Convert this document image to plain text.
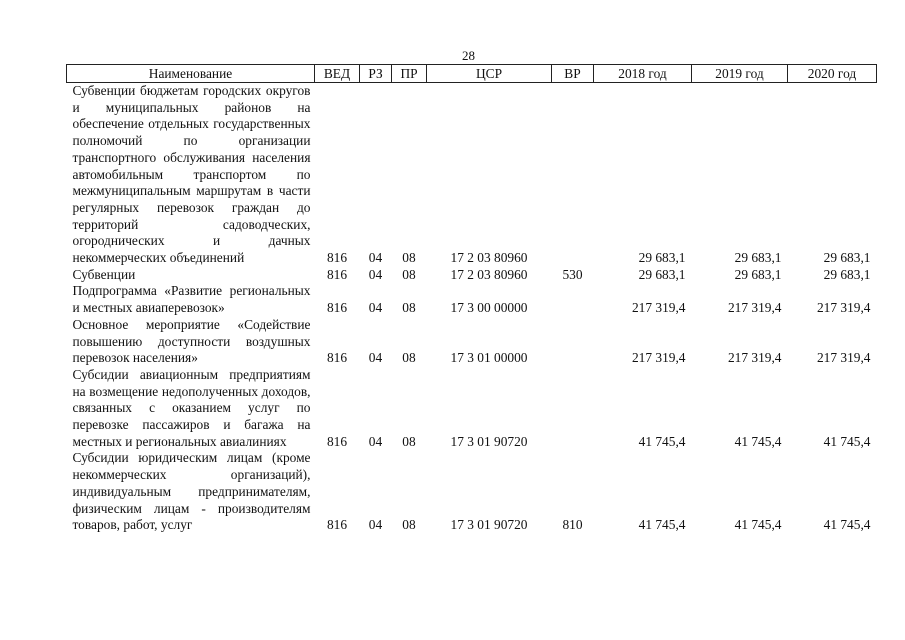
28
Наименование	ВЕД	РЗ	ПР	ЦСР	ВР	2018 год	2019 год	2020 год
Субвенции бюджетам городских округов и муниципальных районов на обеспечение отдельных государственных полномочий по организации транспортного обслуживания населения автомобильным транспортом по межмуниципальным маршрутам в части регулярных перевозок граждан до территорий садоводческих, огороднических и дачных некоммерческих объединений	816	04	08	17 2 03 80960		29 683,1	29 683,1	29 683,1
Субвенции	816	04	08	17 2 03 80960	530	29 683,1	29 683,1	29 683,1
Подпрограмма «Развитие региональных и местных авиаперевозок»	816	04	08	17 3 00 00000		217 319,4	217 319,4	217 319,4
Основное мероприятие «Содействие повышению доступности воздушных перевозок населения»	816	04	08	17 3 01 00000		217 319,4	217 319,4	217 319,4
Субсидии авиационным предприятиям на возмещение недополученных доходов, связанных с оказанием услуг по перевозке пассажиров и багажа на местных и региональных авиалиниях	816	04	08	17 3 01 90720		41 745,4	41 745,4	41 745,4
Субсидии юридическим лицам (кроме некоммерческих организаций), индивидуальным предпринимателям, физическим лицам - производителям товаров, работ, услуг	816	04	08	17 3 01 90720	810	41 745,4	41 745,4	41 745,4
